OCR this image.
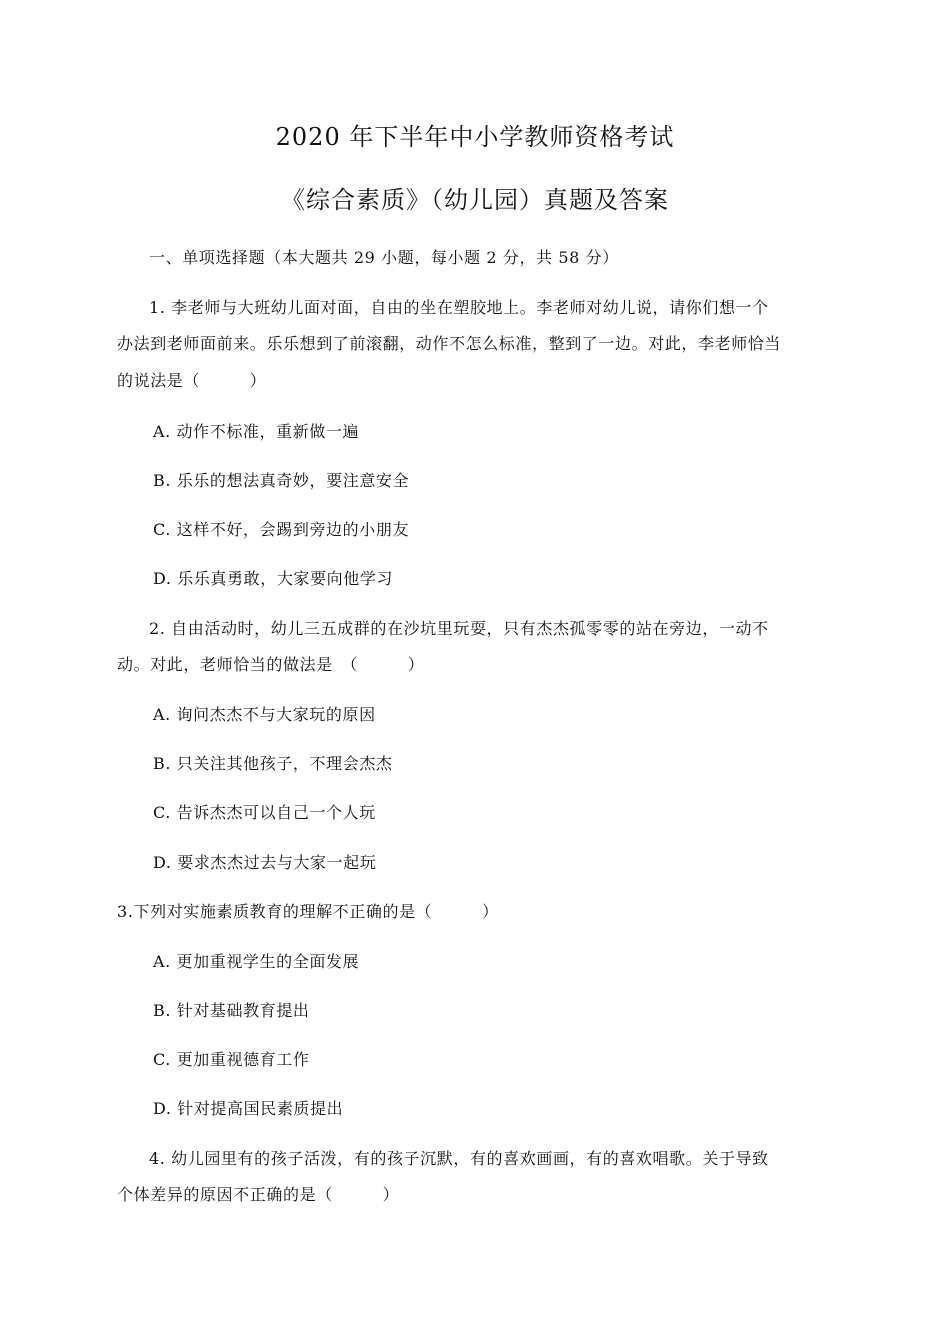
2020 年下半年中小学教师资格考试
《综合素质》（幼儿园）真题及答案
一、单项选择题（本大题共 29 小题，每小题 2 分，共 58 分）
1. 李老师与大班幼儿面对面，自由的坐在塑胶地上。李老师对幼儿说，请你们想一个
办法到老师面前来。乐乐想到了前滚翻，动作不怎么标准，整到了一边。对此，李老师恰当
的说法是（　　　）
A. 动作不标准，重新做一遍
B. 乐乐的想法真奇妙，要注意安全
C. 这样不好，会踢到旁边的小朋友
D. 乐乐真勇敢，大家要向他学习
2. 自由活动时，幼儿三五成群的在沙坑里玩耍，只有杰杰孤零零的站在旁边，一动不
动。对此，老师恰当的做法是　（　　　）
A. 询问杰杰不与大家玩的原因
B. 只关注其他孩子，不理会杰杰
C. 告诉杰杰可以自己一个人玩
D. 要求杰杰过去与大家一起玩
3.下列对实施素质教育的理解不正确的是（　　　）
A. 更加重视学生的全面发展
B. 针对基础教育提出
C. 更加重视德育工作
D. 针对提高国民素质提出
4. 幼儿园里有的孩子活泼，有的孩子沉默，有的喜欢画画，有的喜欢唱歌。关于导致
个体差异的原因不正确的是（　　　）
